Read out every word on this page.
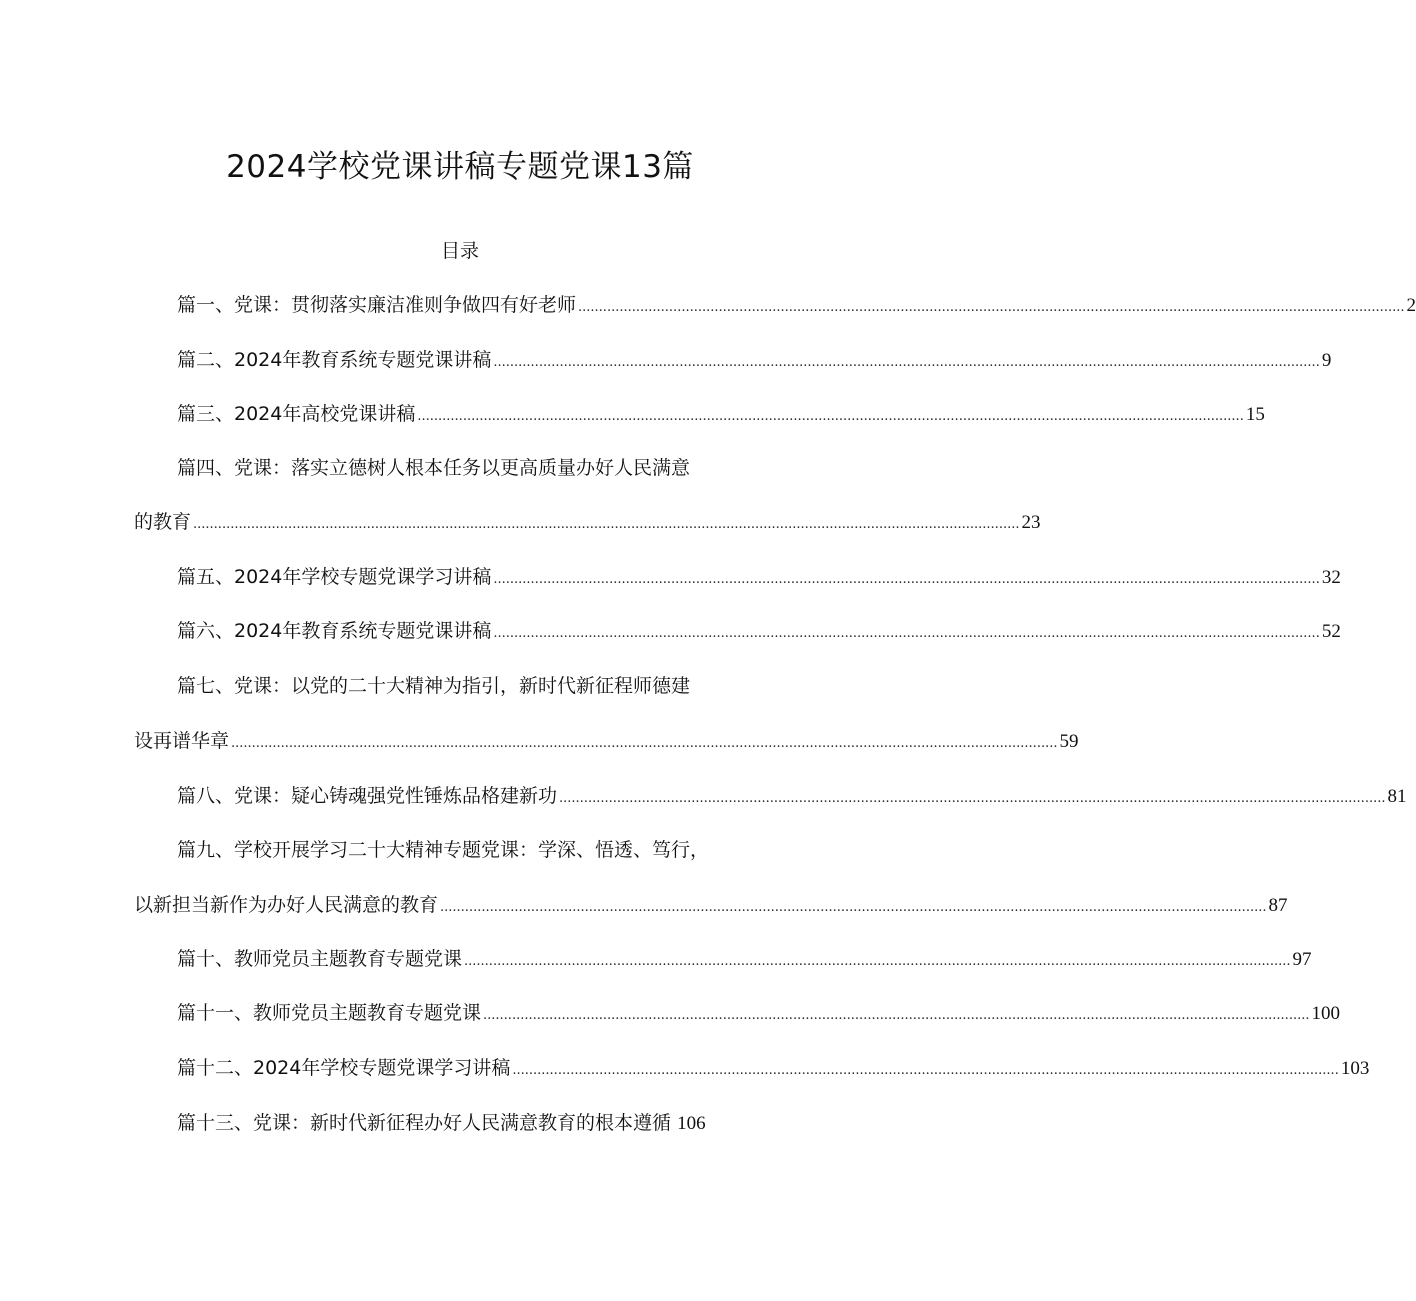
2024学校党课讲稿专题党课13篇
目录
篇一、党课：贯彻落实廉洁准则争做四有好老师 ........................................................................................................................................................................................................ 2
篇二、2024年教育系统专题党课讲稿 ........................................................................................................................................................................................................ 9
篇三、2024年高校党课讲稿 ........................................................................................................................................................................................................ 15
篇四、党课：落实立德树人根本任务以更高质量办好人民满意
的教育 ........................................................................................................................................................................................................ 23
篇五、2024年学校专题党课学习讲稿 ........................................................................................................................................................................................................ 32
篇六、2024年教育系统专题党课讲稿 ........................................................................................................................................................................................................ 52
篇七、党课：以党的二十大精神为指引，新时代新征程师德建
设再谱华章 ........................................................................................................................................................................................................ 59
篇八、党课：疑心铸魂强党性锤炼品格建新功 ........................................................................................................................................................................................................ 81
篇九、学校开展学习二十大精神专题党课：学深、悟透、笃行，
以新担当新作为办好人民满意的教育 ........................................................................................................................................................................................................ 87
篇十、教师党员主题教育专题党课 ........................................................................................................................................................................................................ 97
篇十一、教师党员主题教育专题党课 ........................................................................................................................................................................................................ 100
篇十二、2024年学校专题党课学习讲稿 ........................................................................................................................................................................................................ 103
篇十三、党课：新时代新征程办好人民满意教育的根本遵循 106
